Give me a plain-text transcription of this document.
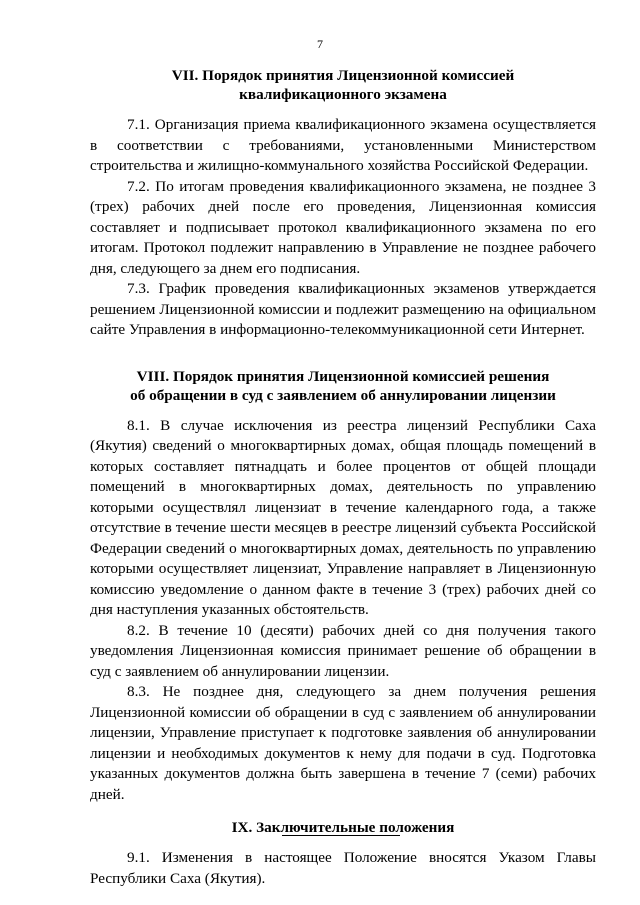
7
VII. Порядок принятия Лицензионной комиссией
квалификационного экзамена

7.1. Организация приема квалификационного экзамена осуществляется в соответствии с требованиями, установленными Министерством строительства и жилищно-коммунального хозяйства Российской Федерации.

7.2. По итогам проведения квалификационного экзамена, не позднее 3 (трех) рабочих дней после его проведения, Лицензионная комиссия составляет и подписывает протокол квалификационного экзамена по его итогам. Протокол подлежит направлению в Управление не позднее рабочего дня, следующего за днем его подписания.

7.3. График проведения квалификационных экзаменов утверждается решением Лицензионной комиссии и подлежит размещению на официальном сайте Управления в информационно-телекоммуникационной сети Интернет.

VIII. Порядок принятия Лицензионной комиссией решения
об обращении в суд с заявлением об аннулировании лицензии

8.1. В случае исключения из реестра лицензий Республики Саха (Якутия) сведений о многоквартирных домах, общая площадь помещений в которых составляет пятнадцать и более процентов от общей площади помещений в многоквартирных домах, деятельность по управлению которыми осуществлял лицензиат в течение календарного года, а также отсутствие в течение шести месяцев в реестре лицензий субъекта Российской Федерации сведений о многоквартирных домах, деятельность по управлению которыми осуществляет лицензиат, Управление направляет в Лицензионную комиссию уведомление о данном факте в течение 3 (трех) рабочих дней со дня наступления указанных обстоятельств.

8.2. В течение 10 (десяти) рабочих дней со дня получения такого уведомления Лицензионная комиссия принимает решение об обращении в суд с заявлением об аннулировании лицензии.

8.3. Не позднее дня, следующего за днем получения решения Лицензионной комиссии об обращении в суд с заявлением об аннулировании лицензии, Управление приступает к подготовке заявления об аннулировании лицензии и необходимых документов к нему для подачи в суд. Подготовка указанных документов должна быть завершена в течение 7 (семи) рабочих дней.

IX. Заключительные положения

9.1. Изменения в настоящее Положение вносятся Указом Главы Республики Саха (Якутия).
